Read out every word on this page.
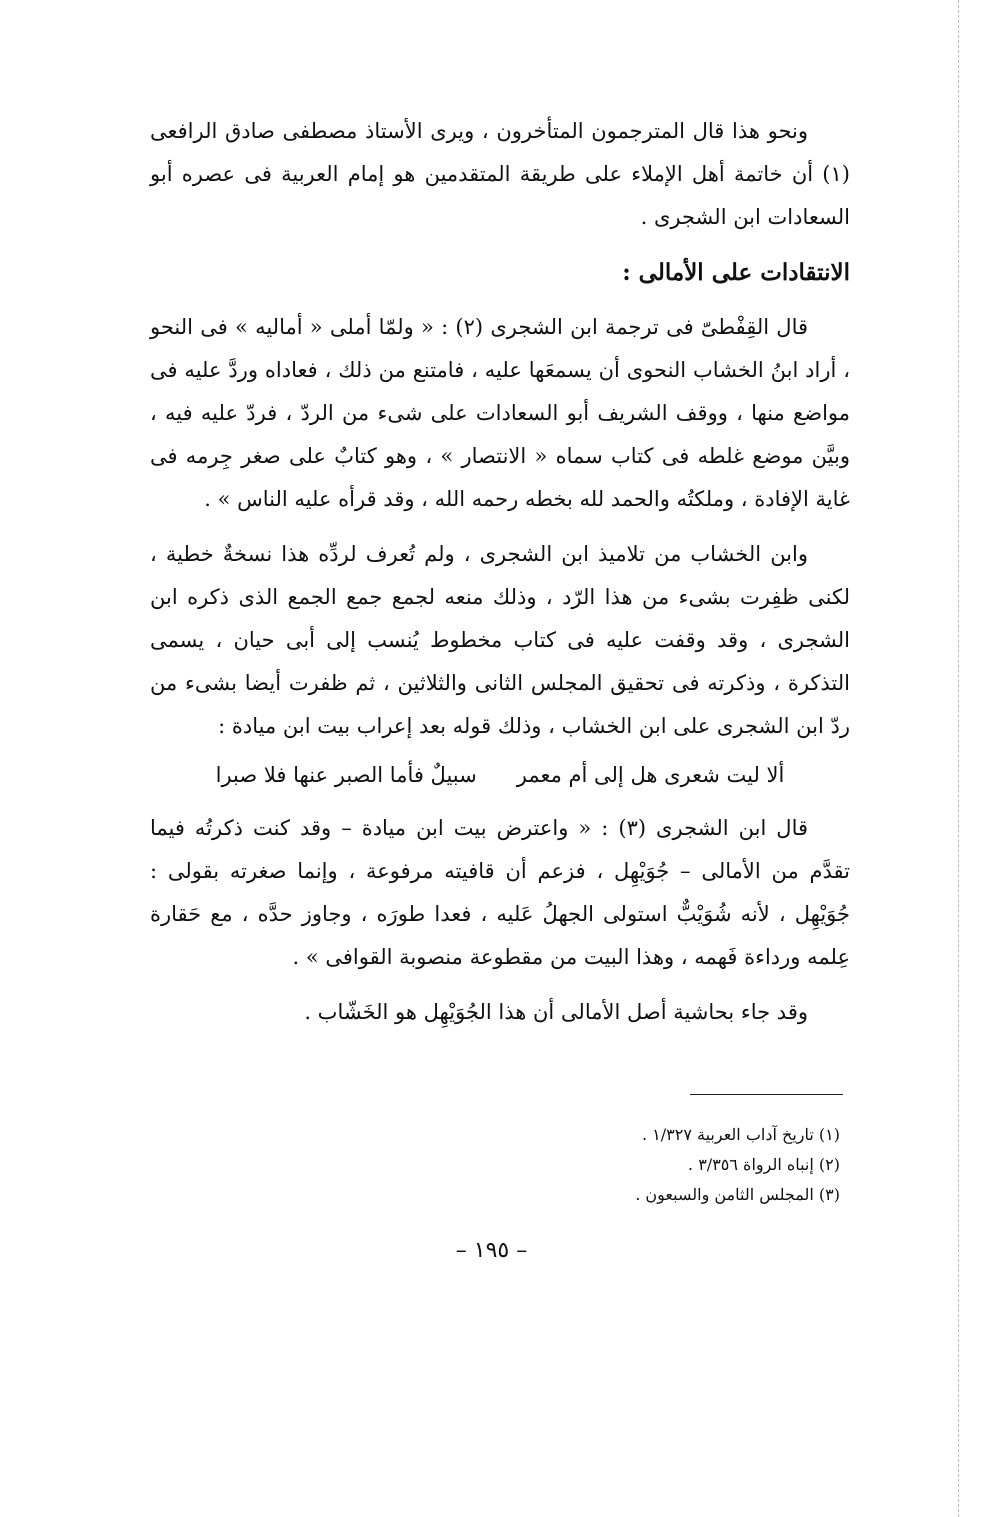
ونحو هذا قال المترجمون المتأخرون ، ويرى الأستاذ مصطفى صادق الرافعى (١) أن خاتمة أهل الإملاء على طريقة المتقدمين هو إمام العربية فى عصره أبو السعادات ابن الشجرى .

الانتقادات على الأمالى :

قال القِفْطىّ فى ترجمة ابن الشجرى (٢) : « ولمّا أملى « أماليه » فى النحو ، أراد ابنُ الخشاب النحوى أن يسمعَها عليه ، فامتنع من ذلك ، فعاداه وردَّ عليه فى مواضع منها ، ووقف الشريف أبو السعادات على شىء من الردّ ، فردّ عليه فيه ، وبيَّن موضع غلطه فى كتاب سماه « الانتصار » ، وهو كتابٌ على صغر جِرمه فى غاية الإفادة ، وملكتُه والحمد لله بخطه رحمه الله ، وقد قرأه عليه الناس » .

وابن الخشاب من تلاميذ ابن الشجرى ، ولم تُعرف لردِّه هذا نسخةٌ خطية ، لكنى ظفِرت بشىء من هذا الرّد ، وذلك منعه لجمع جمع الجمع الذى ذكره ابن الشجرى ، وقد وقفت عليه فى كتاب مخطوط يُنسب إلى أبى حيان ، يسمى التذكرة ، وذكرته فى تحقيق المجلس الثانى والثلاثين ، ثم ظفرت أيضا بشىء من ردّ ابن الشجرى على ابن الخشاب ، وذلك قوله بعد إعراب بيت ابن ميادة :

ألا ليت شعرى هل إلى أم معمر
سبيلٌ فأما الصبر عنها فلا صبرا

قال ابن الشجرى (٣) : « واعترض بيت ابن ميادة – وقد كنت ذكرتُه فيما تقدَّم من الأمالى – جُوَيْهِل ، فزعم أن قافيته مرفوعة ، وإنما صغرته بقولى : جُوَيْهِل ، لأنه شُوَيْبٌّ استولى الجهلُ عَليه ، فعدا طورَه ، وجاوز حدَّه ، مع حَقارة عِلمه ورداءة فَهمه ، وهذا البيت من مقطوعة منصوبة القوافى » .

وقد جاء بحاشية أصل الأمالى أن هذا الجُوَيْهِل هو الخَشّاب .

(١) تاريخ آداب العربية ١/٣٢٧ .
(٢) إنباه الرواة ٣/٣٥٦ .
(٣) المجلس الثامن والسبعون .
– ١٩٥ –
